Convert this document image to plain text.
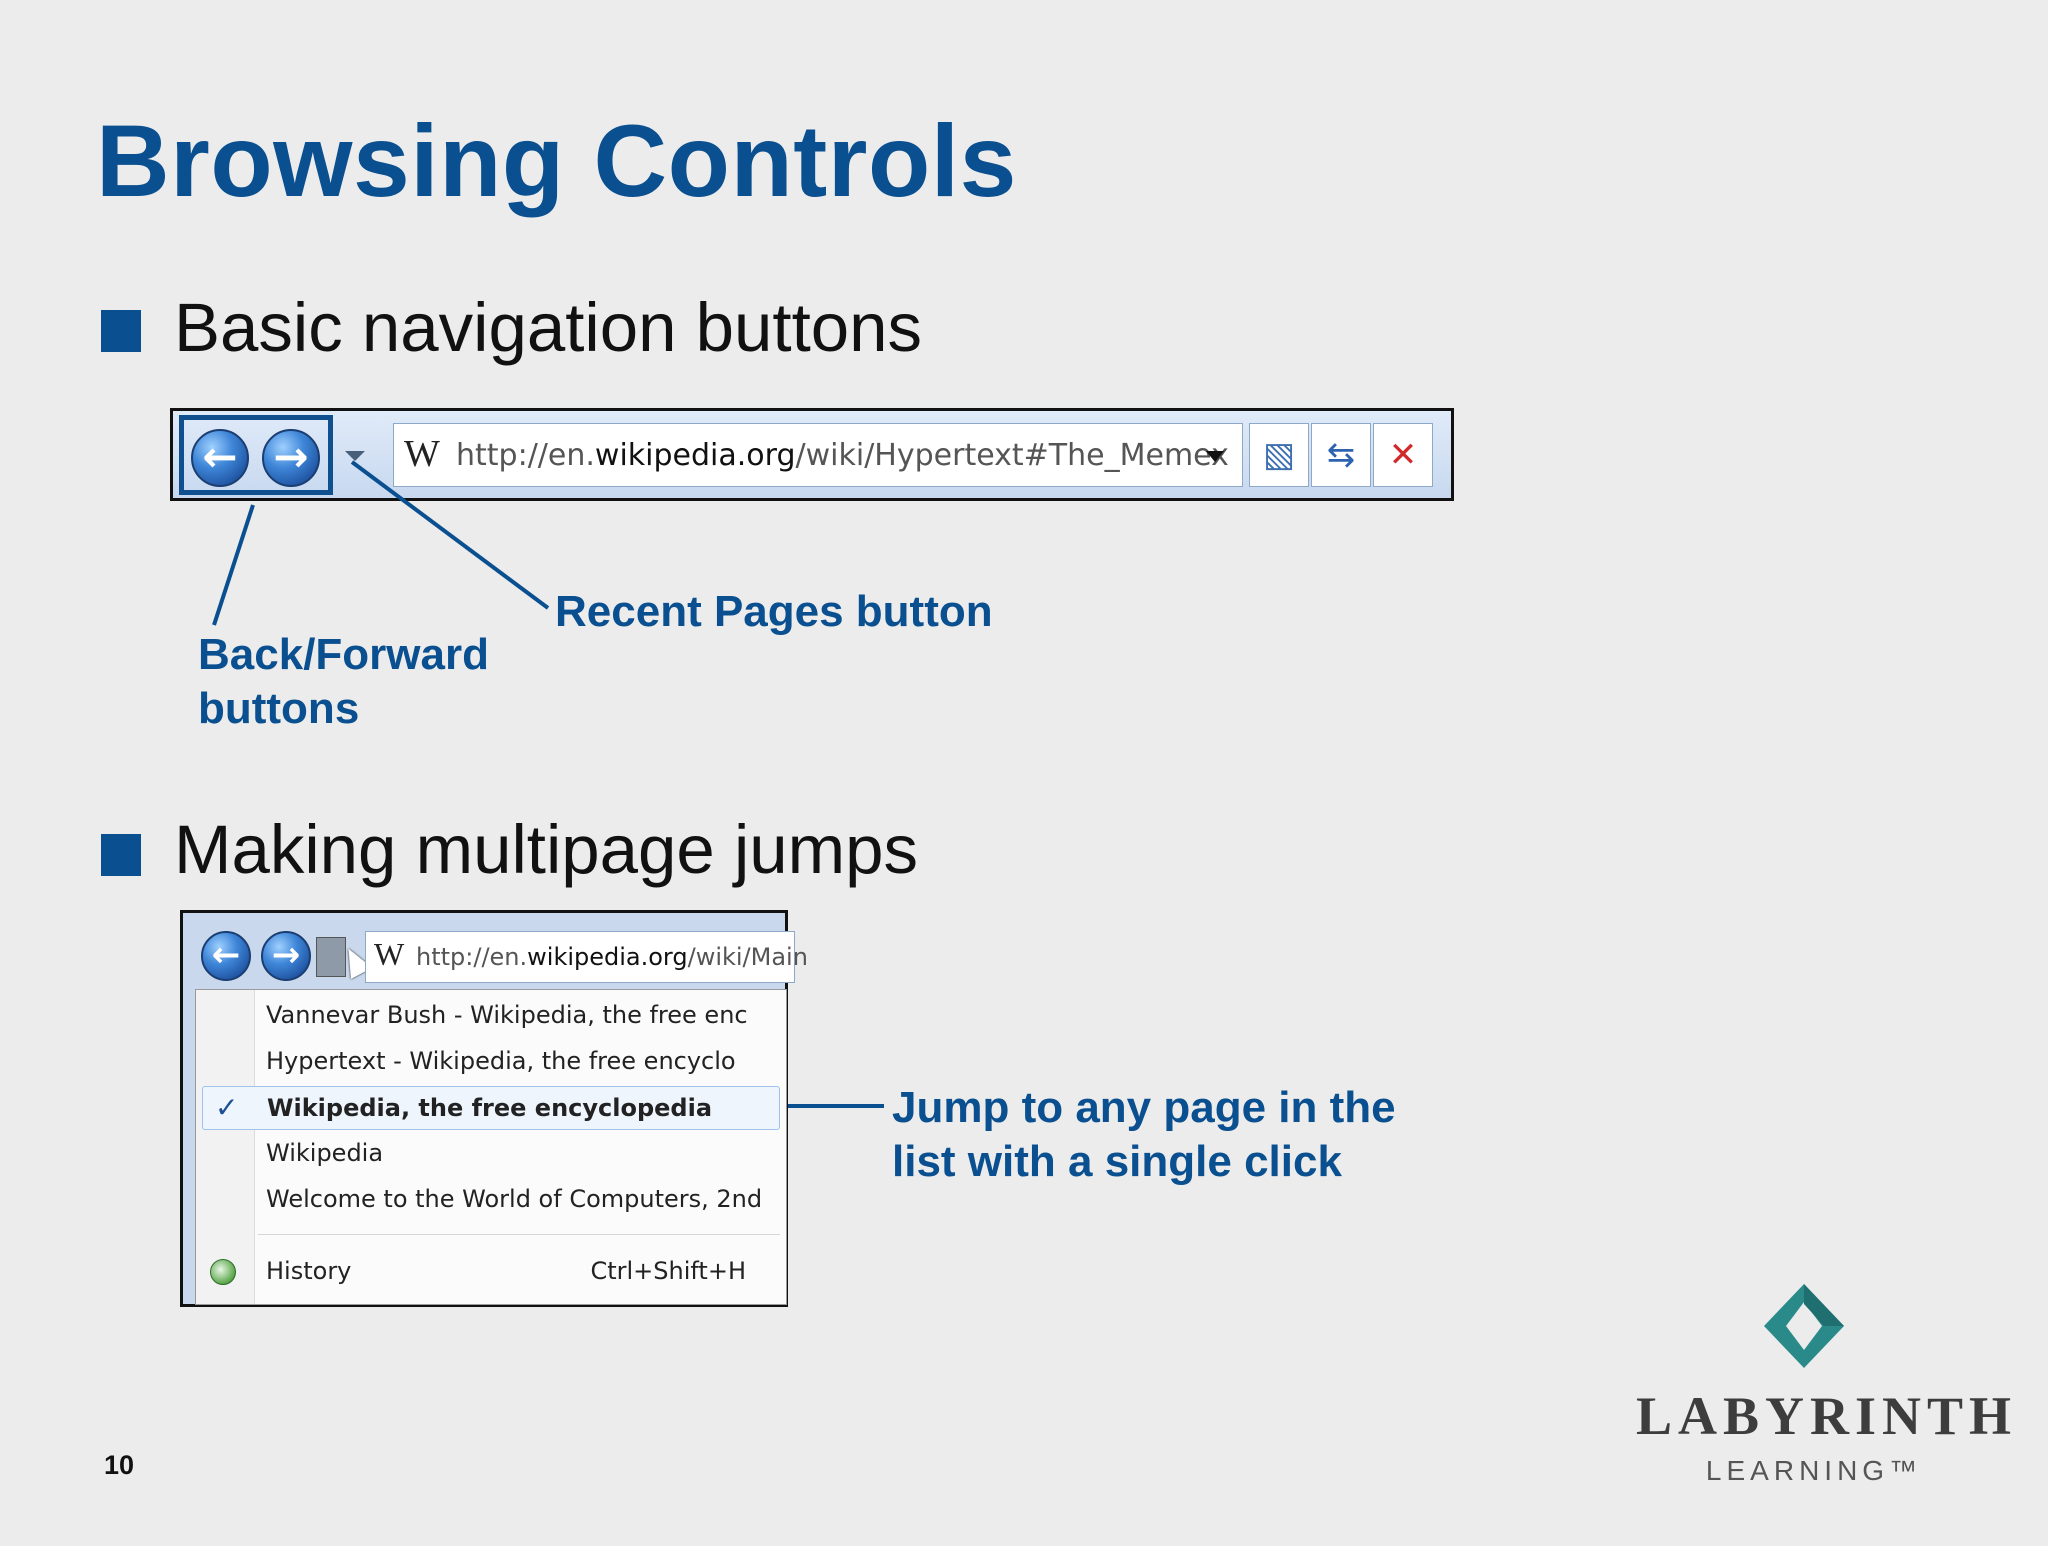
Browsing Controls
Basic navigation buttons
← →	W http://en.wikipedia.org/wiki/Hypertext#The_Memex	▧ ⇆ ✕
Back/Forward
buttons
Recent Pages button
Making multipage jumps
← →	W http://en.wikipedia.org/wiki/Main
Vannevar Bush - Wikipedia, the free enc
Hypertext - Wikipedia, the free encyclo
✓ Wikipedia, the free encyclopedia
Wikipedia
Welcome to the World of Computers, 2nd
History	Ctrl+Shift+H
Jump to any page in the
list with a single click
10
LABYRINTH
LEARNING™
